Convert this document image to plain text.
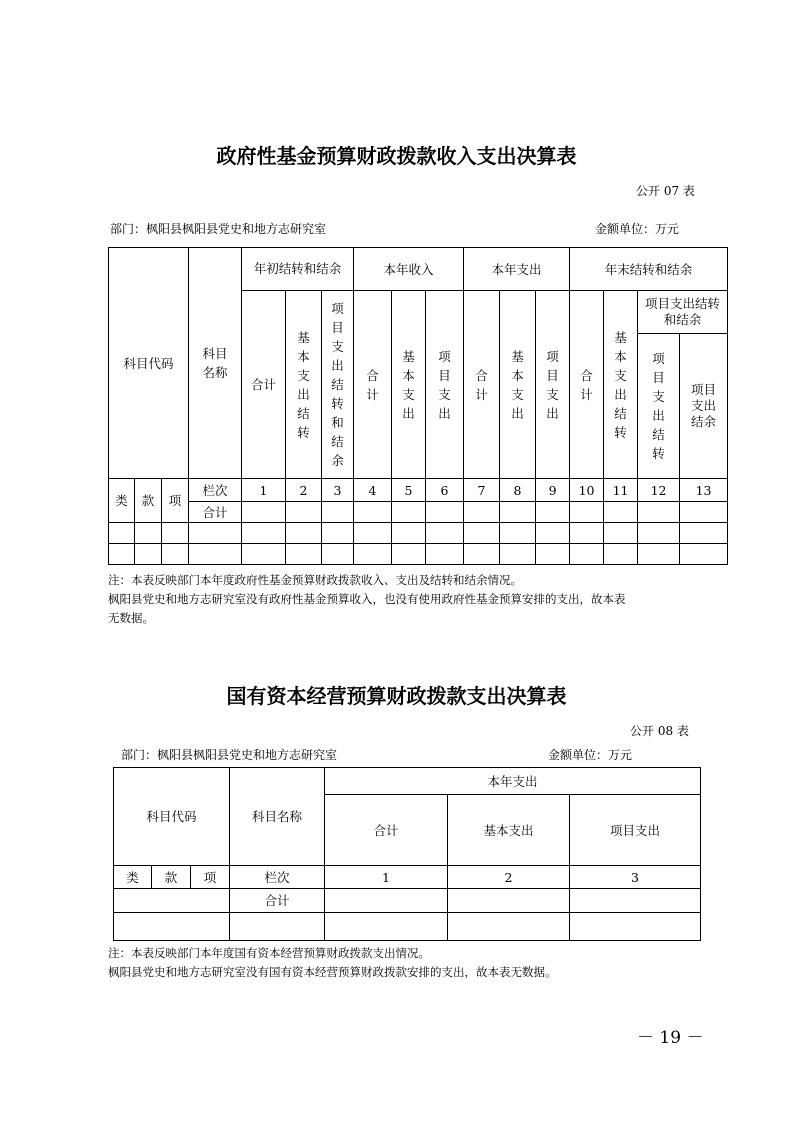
政府性基金预算财政拨款收入支出决算表
公开 07 表
部门：枫阳县枫阳县党史和地方志研究室	金额单位：万元
科目代码			科目名称	年初结转和结余			本年收入			本年支出			年末结转和结余			
				合计	基本支出结转	项目支出结转和结余	合计	基本支出	项目支出	合计	基本支出	项目支出	合计	基本支出结转	项目支出结转和结余	
															项目支出结转	项目支出结余

类	款	项	栏次	1	2	3	4	5	6	7	8	9	10	11	12	13
			合计													

注：本表反映部门本年度政府性基金预算财政拨款收入、支出及结转和结余情况。
枫阳县党史和地方志研究室没有政府性基金预算收入，也没有使用政府性基金预算安排的支出，故本表
无数据。
国有资本经营预算财政拨款支出决算表
公开 08 表
部门：枫阳县枫阳县党史和地方志研究室	金额单位：万元
科目代码			科目名称	本年支出		
				合计	基本支出	项目支出
类	款	项	栏次	1	2	3
			合计			

注：本表反映部门本年度国有资本经营预算财政拨款支出情况。
枫阳县党史和地方志研究室没有国有资本经营预算财政拨款安排的支出，故本表无数据。
－ 19 －
